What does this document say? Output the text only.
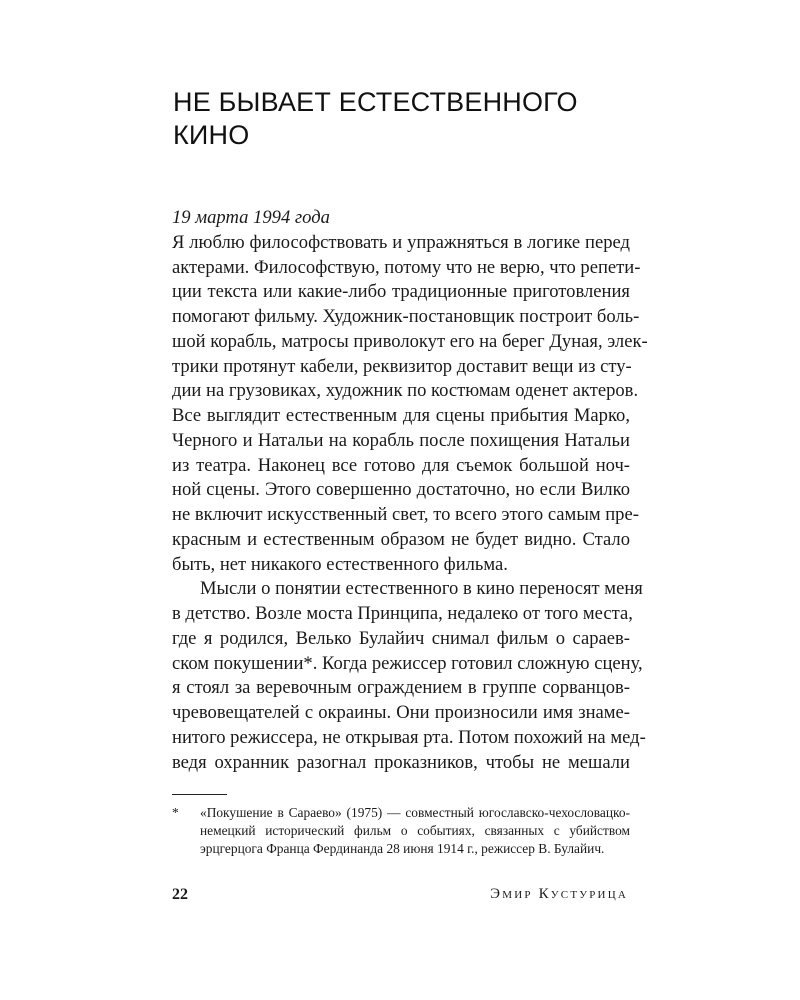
НЕ БЫВАЕТ ЕСТЕСТВЕННОГО
КИНО
19 марта 1994 года
Я люблю философствовать и упражняться в логике перед
актерами. Философствую, потому что не верю, что репети-
ции текста или какие-либо традиционные приготовления
помогают фильму. Художник-постановщик построит боль-
шой корабль, матросы приволокут его на берег Дуная, элек-
трики протянут кабели, реквизитор доставит вещи из сту-
дии на грузовиках, художник по костюмам оденет актеров.
Все выглядит естественным для сцены прибытия Марко,
Черного и Натальи на корабль после похищения Натальи
из театра. Наконец все готово для съемок большой ноч-
ной сцены. Этого совершенно достаточно, но если Вилко
не включит искусственный свет, то всего этого самым пре-
красным и естественным образом не будет видно. Стало
быть, нет никакого естественного фильма.
Мысли о понятии естественного в кино переносят меня
в детство. Возле моста Принципа, недалеко от того места,
где я родился, Велько Булайич снимал фильм о сараев-
ском покушении*. Когда режиссер готовил сложную сцену,
я стоял за веревочным ограждением в группе сорванцов-
чревовещателей с окраины. Они произносили имя знаме-
нитого режиссера, не открывая рта. Потом похожий на мед-
ведя охранник разогнал проказников, чтобы не мешали
* «Покушение в Сараево» (1975) — совместный югославско-чехословацко-
немецкий исторический фильм о событиях, связанных с убийством
эрцгерцога Франца Фердинанда 28 июня 1914 г., режиссер В. Булайич.
22	Эмир Кустурица
